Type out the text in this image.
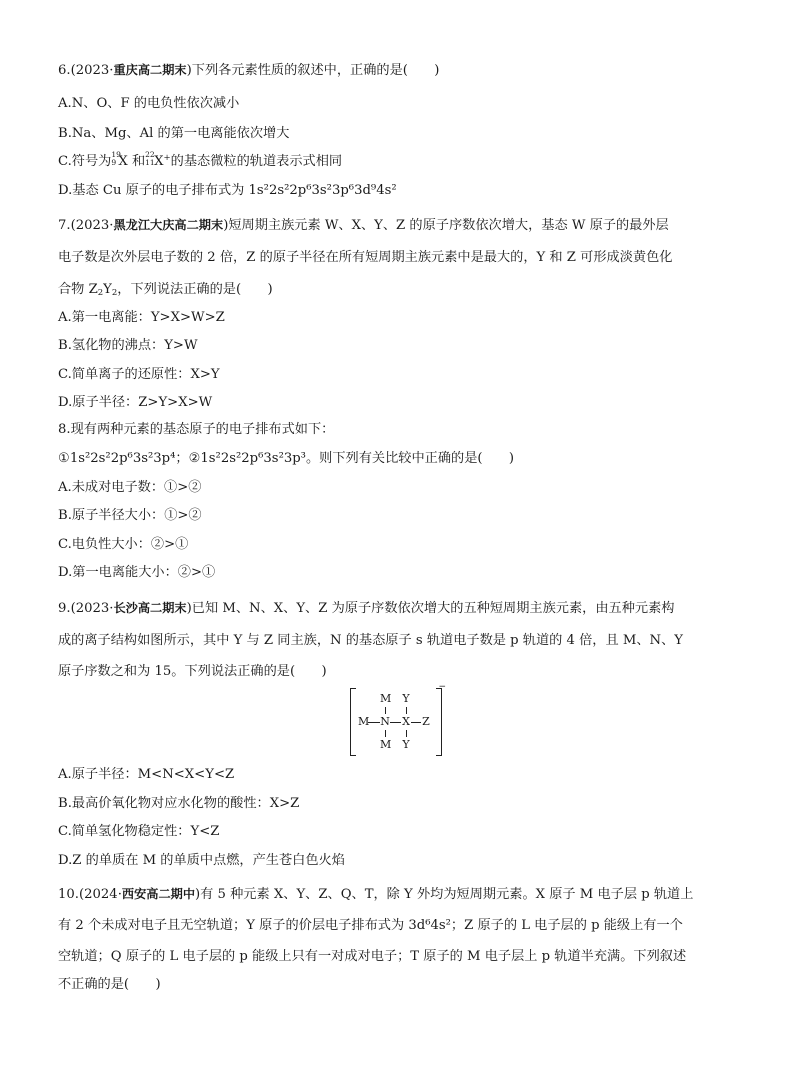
6.(2023·重庆高二期末)下列各元素性质的叙述中，正确的是(　　)
A.N、O、F 的电负性依次减小
B.Na、Mg、Al 的第一电离能依次增大
C.符号为 19
9 X 和 22
11 X+的基态微粒的轨道表示式相同
D.基态 Cu 原子的电子排布式为 1s²2s²2p⁶3s²3p⁶3d⁹4s²
7.(2023·黑龙江大庆高二期末)短周期主族元素 W、X、Y、Z 的原子序数依次增大，基态 W 原子的最外层
电子数是次外层电子数的 2 倍，Z 的原子半径在所有短周期主族元素中是最大的，Y 和 Z 可形成淡黄色化
合物 $Z_2Y_2$，下列说法正确的是(　　)
A.第一电离能：Y>X>W>Z
B.氢化物的沸点：Y>W
C.简单离子的还原性：X>Y
D.原子半径：Z>Y>X>W
8.现有两种元素的基态原子的电子排布式如下：
①1s²2s²2p⁶3s²3p⁴；②1s²2s²2p⁶3s²3p³。则下列有关比较中正确的是(　　)
A.未成对电子数：①>②
B.原子半径大小：①>②
C.电负性大小：②>①
D.第一电离能大小：②>①
9.(2023·长沙高二期末)已知 M、N、X、Y、Z 为原子序数依次增大的五种短周期主族元素，由五种元素构
成的离子结构如图所示，其中 Y 与 Z 同主族，N 的基态原子 s 轨道电子数是 p 轨道的 4 倍，且 M、N、Y
原子序数之和为 15。下列说法正确的是(　　)
−
M Y
M N X Z
M Y
A.原子半径：M<N<X<Y<Z
B.最高价氧化物对应水化物的酸性：X>Z
C.简单氢化物稳定性：Y<Z
D.Z 的单质在 M 的单质中点燃，产生苍白色火焰
10.(2024·西安高二期中)有 5 种元素 X、Y、Z、Q、T，除 Y 外均为短周期元素。X 原子 M 电子层 p 轨道上
有 2 个未成对电子且无空轨道；Y 原子的价层电子排布式为 3d⁶4s²；Z 原子的 L 电子层的 p 能级上有一个
空轨道；Q 原子的 L 电子层的 p 能级上只有一对成对电子；T 原子的 M 电子层上 p 轨道半充满。下列叙述
不正确的是(　　)
